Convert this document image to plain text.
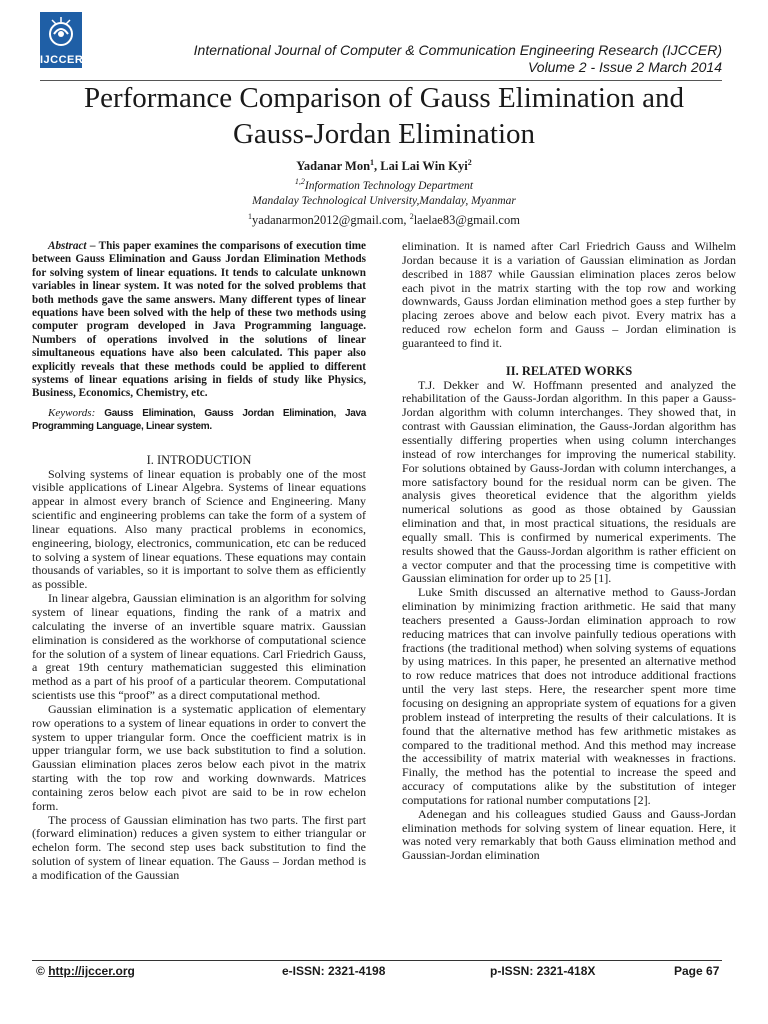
IJCCER
International Journal of Computer & Communication Engineering Research (IJCCER)
Volume 2 - Issue 2 March 2014
Performance Comparison of Gauss Elimination and
Gauss-Jordan Elimination
Yadanar Mon$^1$, Lai Lai Win Kyi$^2$
$^{1,2}$Information Technology Department
Mandalay Technological University,Mandalay, Myanmar
$^1$yadanarmon2012@gmail.com, $^2$laelae83@gmail.com

Abstract – This paper examines the comparisons of execution time between Gauss Elimination and Gauss Jordan Elimination Methods for solving system of linear equations. It tends to calculate unknown variables in linear system. It was noted for the solved problems that both methods gave the same answers. Many different types of linear equations have been solved with the help of these two methods using computer program developed in Java Programming language. Numbers of operations involved in the solutions of linear simultaneous equations have also been calculated. This paper also explicitly reveals that these methods could be applied to different systems of linear equations arising in fields of study like Physics, Business, Economics, Chemistry, etc.

Keywords: Gauss Elimination, Gauss Jordan Elimination, Java Programming Language, Linear system.

I. INTRODUCTION

Solving systems of linear equation is probably one of the most visible applications of Linear Algebra. Systems of linear equations appear in almost every branch of Science and Engineering. Many scientific and engineering problems can take the form of a system of linear equations. Also many practical problems in economics, engineering, biology, electronics, communication, etc can be reduced to solving a system of linear equations. These equations may contain thousands of variables, so it is important to solve them as efficiently as possible.

In linear algebra, Gaussian elimination is an algorithm for solving system of linear equations, finding the rank of a matrix and calculating the inverse of an invertible square matrix. Gaussian elimination is considered as the workhorse of computational science for the solution of a system of linear equations. Carl Friedrich Gauss, a great 19th century mathematician suggested this elimination method as a part of his proof of a particular theorem. Computational scientists use this “proof” as a direct computational method.

Gaussian elimination is a systematic application of elementary row operations to a system of linear equations in order to convert the system to upper triangular form. Once the coefficient matrix is in upper triangular form, we use back substitution to find a solution. Gaussian elimination places zeros below each pivot in the matrix starting with the top row and working downwards. Matrices containing zeros below each pivot are said to be in row echelon form.

The process of Gaussian elimination has two parts. The first part (forward elimination) reduces a given system to either triangular or echelon form. The second step uses back substitution to find the solution of system of linear equation. The Gauss – Jordan method is a modification of the Gaussian

elimination. It is named after Carl Friedrich Gauss and Wilhelm Jordan because it is a variation of Gaussian elimination as Jordan described in 1887 while Gaussian elimination places zeros below each pivot in the matrix starting with the top row and working downwards, Gauss Jordan elimination method goes a step further by placing zeroes above and below each pivot. Every matrix has a reduced row echelon form and Gauss – Jordan elimination is guaranteed to find it.

II. RELATED WORKS

T.J. Dekker and W. Hoffmann presented and analyzed the rehabilitation of the Gauss-Jordan algorithm. In this paper a Gauss-Jordan algorithm with column interchanges. They showed that, in contrast with Gaussian elimination, the Gauss-Jordan algorithm has essentially differing properties when using column interchanges instead of row interchanges for improving the numerical stability. For solutions obtained by Gauss-Jordan with column interchanges, a more satisfactory bound for the residual norm can be given. The analysis gives theoretical evidence that the algorithm yields numerical solutions as good as those obtained by Gaussian elimination and that, in most practical situations, the residuals are equally small. This is confirmed by numerical experiments. The results showed that the Gauss-Jordan algorithm is rather efficient on a vector computer and that the processing time is competitive with Gaussian elimination for order up to 25 [1].

Luke Smith discussed an alternative method to Gauss-Jordan elimination by minimizing fraction arithmetic. He said that many teachers presented a Gauss-Jordan elimination approach to row reducing matrices that can involve painfully tedious operations with fractions (the traditional method) when solving systems of equations by using matrices. In this paper, he presented an alternative method to row reduce matrices that does not introduce additional fractions until the very last steps. Here, the researcher spent more time focusing on designing an appropriate system of equations for a given problem instead of interpreting the results of their calculations. It is found that the alternative method has few arithmetic mistakes as compared to the traditional method. And this method may increase the accessibility of matrix material with weaknesses in fractions. Finally, the method has the potential to increase the speed and accuracy of computations alike by the substitution of integer computations for rational number computations [2].

Adenegan and his colleagues studied Gauss and Gauss-Jordan elimination methods for solving system of linear equation. Here, it was noted very remarkably that both Gauss elimination method and Gaussian-Jordan elimination

© http://ijccer.org	e-ISSN: 2321-4198	p-ISSN: 2321-418X	Page 67
